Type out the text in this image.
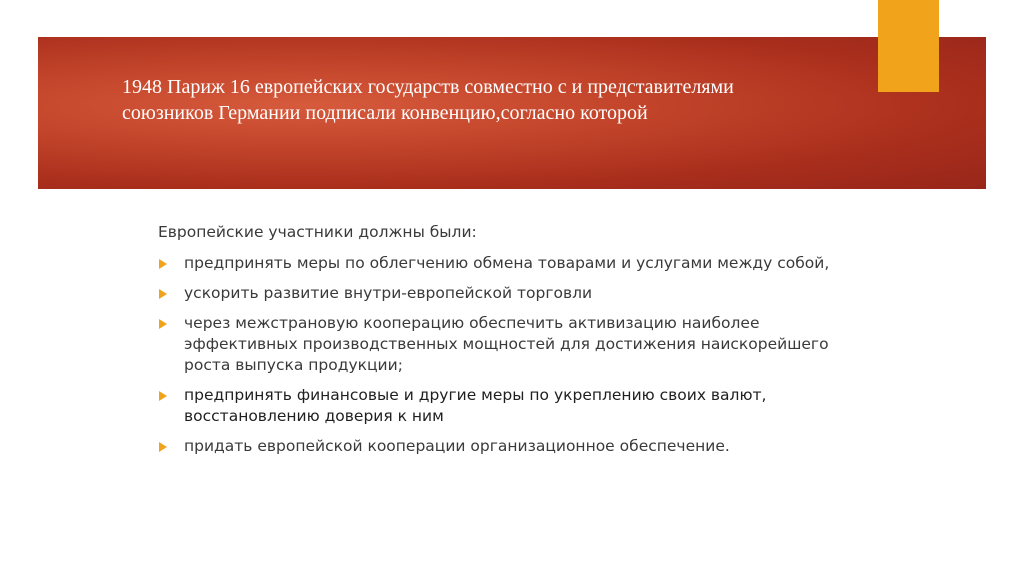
1948 Париж 16 европейских государств совместно с и представителями союзников Германии подписали конвенцию,согласно которой

Европейские участники должны были:

предпринять меры по облегчению обмена товарами и услугами между собой,
ускорить развитие внутри-европейской торговли
через межстрановую кооперацию обеспечить активизацию наиболее эффективных производственных мощностей для достижения наискорейшего роста выпуска продукции;
предпринять финансовые и другие меры по укреплению своих валют, восстановлению доверия к ним
придать европейской кооперации организационное обеспечение.
